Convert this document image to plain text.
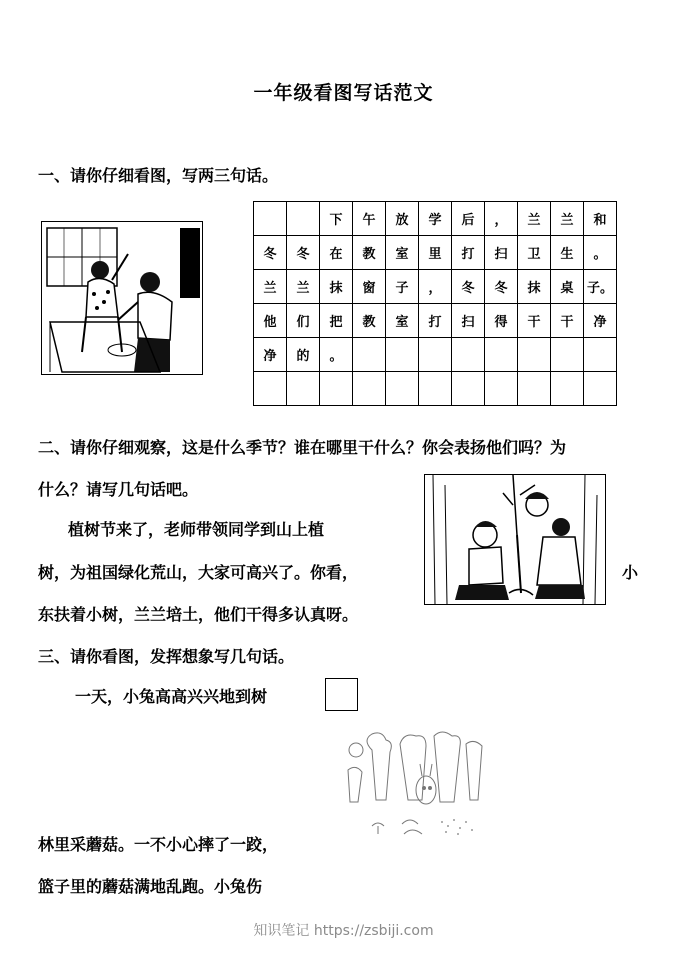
一年级看图写话范文
一、请你仔细看图，写两三句话。
		下	午	放	学	后	，	兰	兰	和
冬	冬	在	教	室	里	打	扫	卫	生	。
兰	兰	抹	窗	子	，	冬	冬	抹	桌	子。
他	们	把	教	室	打	扫	得	干	干	净
净	的	。								

二、请你仔细观察，这是什么季节？谁在哪里干什么？你会表扬他们吗？为
什么？请写几句话吧。
植树节来了，老师带领同学到山上植
树，为祖国绿化荒山，大家可高兴了。你看，	小
东扶着小树，兰兰培土，他们干得多认真呀。
三、请你看图，发挥想象写几句话。
一天，小兔高高兴兴地到树
林里采蘑菇。一不小心摔了一跤，
篮子里的蘑菇满地乱跑。小兔伤
知识笔记 https://zsbiji.com
